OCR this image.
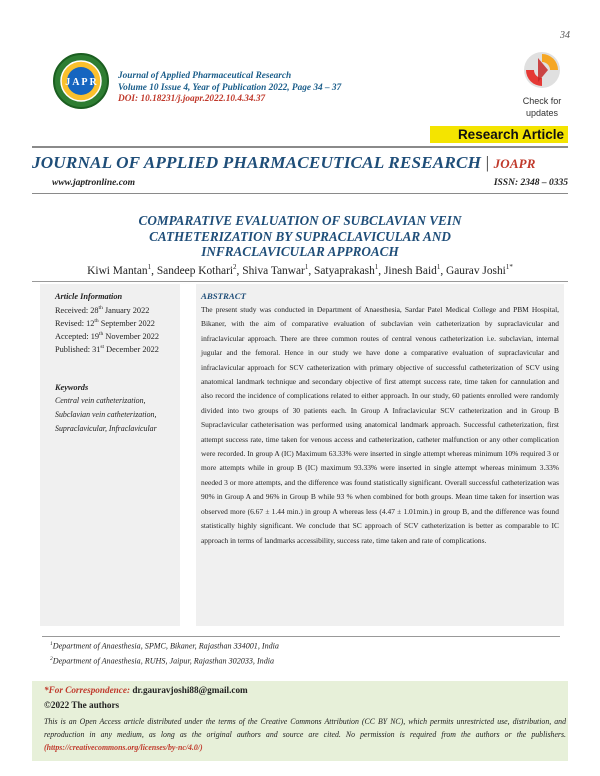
34
J A P R
Journal of Applied Pharmaceutical Research
Volume 10 Issue 4, Year of Publication 2022, Page 34 – 37
DOI: 10.18231/j.joapr.2022.10.4.34.37	Check for
updates
Research Article
JOURNAL OF APPLIED PHARMACEUTICAL RESEARCH | JOAPR
www.japtronline.com	ISSN: 2348 – 0335
COMPARATIVE EVALUATION OF SUBCLAVIAN VEIN
CATHETERIZATION BY SUPRACLAVICULAR AND
INFRACLAVICULAR APPROACH
Kiwi Mantan$^1$, Sandeep Kothari$^2$, Shiva Tanwar$^1$, Satyaprakash$^1$, Jinesh Baid$^1$, Gaurav Joshi$^{1*}$
Article Information
Received: 28th January 2022
Revised: 12th September 2022
Accepted: 19th November 2022
Published: 31st December 2022
Keywords
Central vein catheterization,
Subclavian vein catheterization,
Supraclavicular, Infraclavicular
ABSTRACT
The present study was conducted in Department of Anaesthesia, Sardar Patel Medical College and PBM Hospital, Bikaner, with the aim of comparative evaluation of subclavian vein catheterization by supraclavicular and infraclavicular approach. There are three common routes of central venous catheterization i.e. subclavian, internal jugular and the femoral. Hence in our study we have done a comparative evaluation of supraclavicular and infraclavicular approach for SCV catheterization with primary objective of successful catheterization of SCV using anatomical landmark technique and secondary objective of first attempt success rate, time taken for cannulation and also record the incidence of complications related to either approach. In our study, 60 patients enrolled were randomly divided into two groups of 30 patients each. In Group A Infraclavicular SCV catheterization and in Group B Supraclavicular catheterisation was performed using anatomical landmark approach. Successful catheterization, first attempt success rate, time taken for venous access and catheterization, catheter malfunction or any other complication were recorded. In group A (IC) Maximum 63.33% were inserted in single attempt whereas minimum 10% required 3 or more attempts while in group B (IC) maximum 93.33% were inserted in single attempt whereas minimum 3.33% needed 3 or more attempts, and the difference was found statistically significant. Overall successful catheterization was 90% in Group A and 96% in Group B while 93 % when combined for both groups. Mean time taken for insertion was observed more (6.67 ± 1.44 min.) in group A whereas less (4.47 ± 1.01min.) in group B, and the difference was found statistically highly significant. We conclude that SC approach of SCV catheterization is better as comparable to IC approach in terms of landmarks accessibility, success rate, time taken and rate of complications.
$^1$Department of Anaesthesia, SPMC, Bikaner, Rajasthan 334001, India
$^2$Department of Anaesthesia, RUHS, Jaipur, Rajasthan 302033, India
*For Correspondence: dr.gauravjoshi88@gmail.com
©2022 The authors
This is an Open Access article distributed under the terms of the Creative Commons Attribution (CC BY NC), which permits unrestricted use, distribution, and reproduction in any medium, as long as the original authors and source are cited. No permission is required from the authors or the publishers. (https://creativecommons.org/licenses/by-nc/4.0/)
